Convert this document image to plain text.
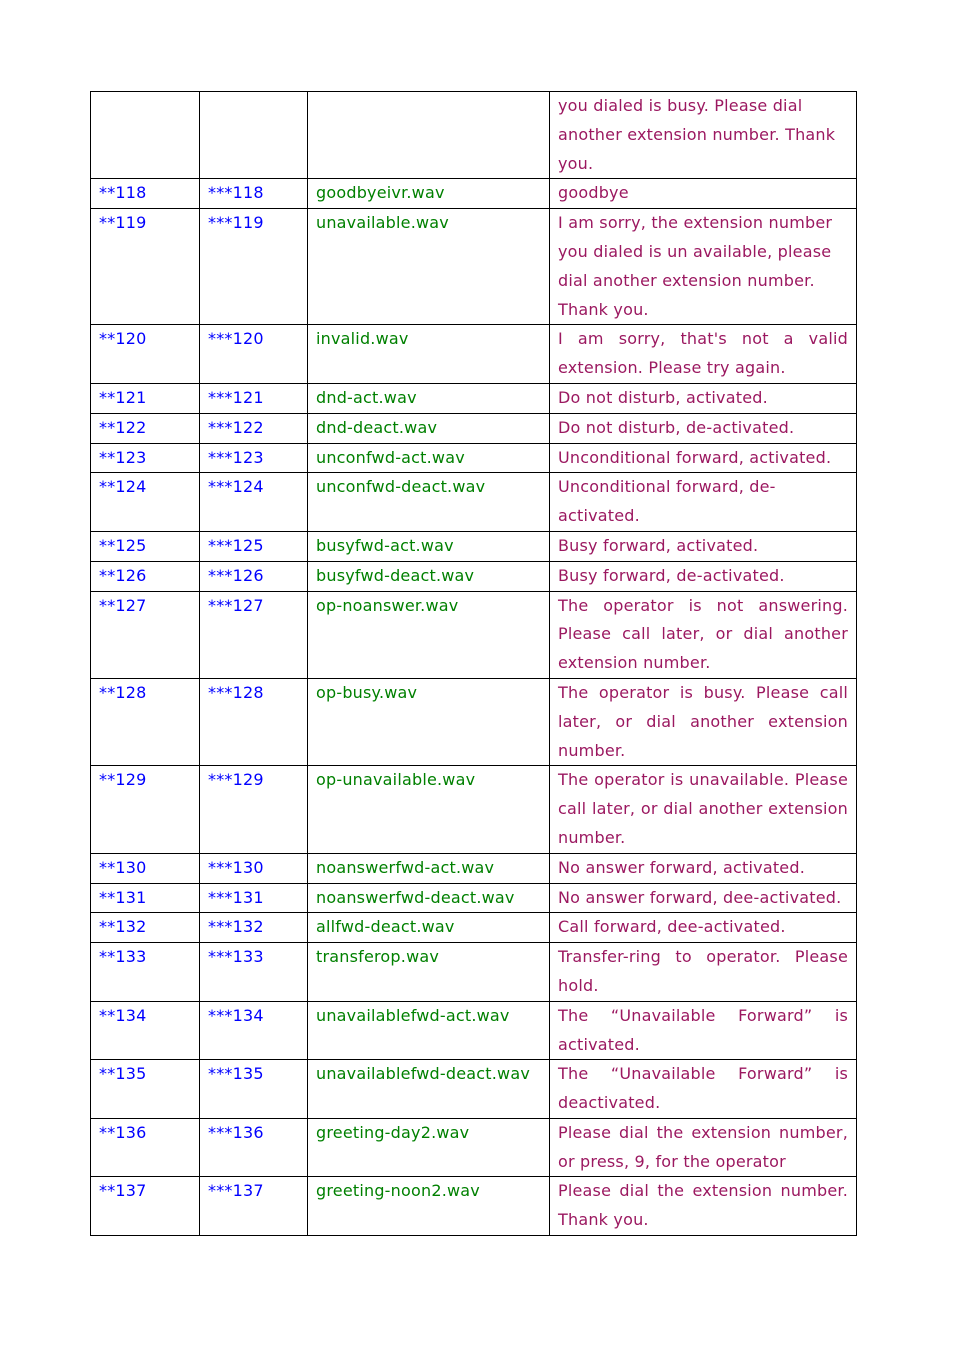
			you dialed is busy. Please dial another extension number. Thank you.
**118	***118	goodbyeivr.wav	goodbye
**119	***119	unavailable.wav	I am sorry, the extension number you dialed is un available, please dial another extension number. Thank you.
**120	***120	invalid.wav	I am sorry, that's not a valid extension. Please try again.
**121	***121	dnd-act.wav	Do not disturb, activated.
**122	***122	dnd-deact.wav	Do not disturb, de-activated.
**123	***123	unconfwd-act.wav	Unconditional forward, activated.
**124	***124	unconfwd-deact.wav	Unconditional forward, de-activated.
**125	***125	busyfwd-act.wav	Busy forward, activated.
**126	***126	busyfwd-deact.wav	Busy forward, de-activated.
**127	***127	op-noanswer.wav	The operator is not answering. Please call later, or dial another extension number.
**128	***128	op-busy.wav	The operator is busy. Please call later, or dial another extension number.
**129	***129	op-unavailable.wav	The operator is unavailable. Please call later, or dial another extension number.
**130	***130	noanswerfwd-act.wav	No answer forward, activated.
**131	***131	noanswerfwd-deact.wav	No answer forward, dee-activated.
**132	***132	allfwd-deact.wav	Call forward, dee-activated.
**133	***133	transferop.wav	Transfer-ring to operator. Please hold.
**134	***134	unavailablefwd-act.wav	The “Unavailable Forward” is activated.
**135	***135	unavailablefwd-deact.wav	The “Unavailable Forward” is deactivated.
**136	***136	greeting-day2.wav	Please dial the extension number, or press, 9, for the operator
**137	***137	greeting-noon2.wav	Please dial the extension number. Thank you.
